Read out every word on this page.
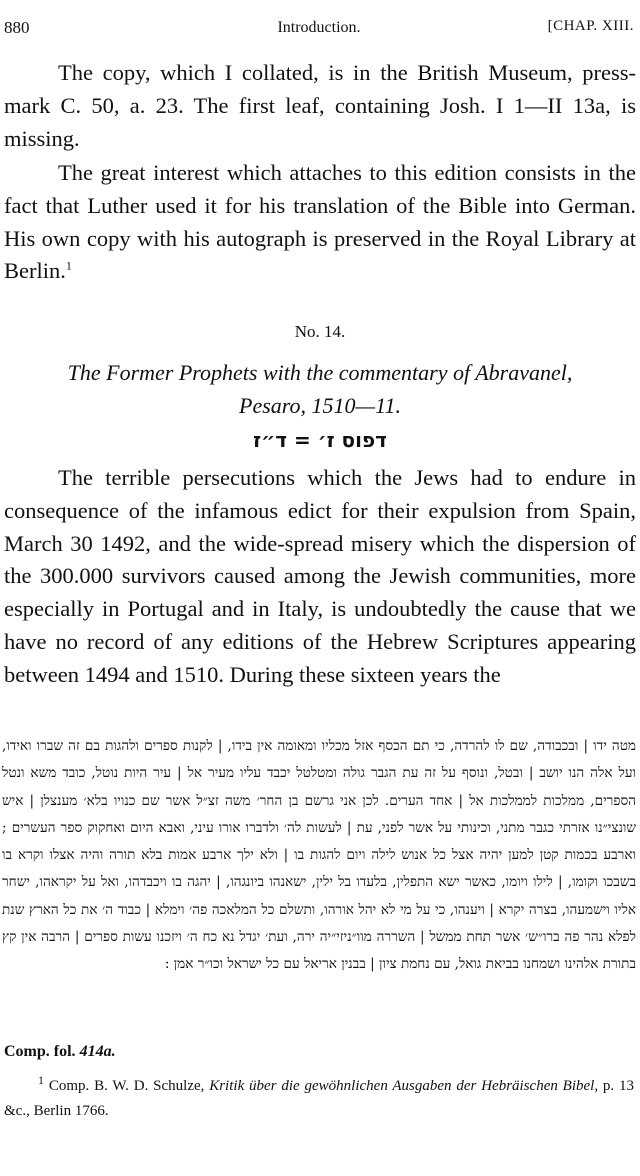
880	Introduction.	[CHAP. XIII.

The copy, which I collated, is in the British Museum, press-mark C. 50, a. 23. The first leaf, containing Josh. I 1—II 13a, is missing.

The great interest which attaches to this edition consists in the fact that Luther used it for his translation of the Bible into German. His own copy with his autograph is preserved in the Royal Library at Berlin.$^1$

No. 14.
The Former Prophets with the commentary of Abravanel,
Pesaro, 1510—11.
דפוס ז׳ = ד״ז

The terrible persecutions which the Jews had to endure in consequence of the infamous edict for their expulsion from Spain, March 30 1492, and the wide-spread misery which the dispersion of the 300.000 survivors caused among the Jewish communities, more especially in Portugal and in Italy, is undoubtedly the cause that we have no record of any editions of the Hebrew Scriptures appearing between 1494 and 1510. During these sixteen years the

מטה ידו | ובכבודה, שם לו להרדה, כי תם הכסף אזל מכליו ומאומה אין בידו, | לקנות ספרים ולהגות בם זה שברו ואידו, ועל אלה הנו יושב | ובטל, ונוסף על זה עת הגבר גולה ומטלטל יכבד עליו מעיר אל | עיר היות נוטל, כובד משא ונטל הספרים, ממלכות לממלכות אל | אחד הערים. לכן אני גרשם בן החר׳ משה זצ״ל אשר שם כנויו בלא׳ מענצלן | איש שונצי״נו אזרתי כגבר מתני, וכינותי על אשר לפני, עת | לעשות לה׳ ולדברו אורו עיני, ואבא היום ואחקוק ספר העשרים ; וארבע בכמות קטן למען יהיה אצל כל אנוש לילה ויום להגות בו | ולא ילך ארבע אמות בלא תורה והיה אצלו וקרא בו בשבכו וקומו, | לילו ויומו, כאשר ישא התפלין, בלעדו בל ילין, ישאנהו ביונגהו, | יהגה בו ויכבדהו, ואל על יקראהו, ישחר אליו וישמעהו, בצרה יקרא | ויענהו, כי על מי לא יהל אורהו, ותשלם כל המלאכה פה׳ וימלא | כבוד ה׳ את כל הארץ שנת לפלא נהר פה ברו״ש׳ אשר תחת ממשל | השררה מוו״ניזי״יה ירה, ועת׳ יגדל נא כח ה׳ ויזכנו עשות ספרים | הרבה אין קץ בתורת אלהינו ושמחנו בביאת גואל, עם נחמת ציון | בבנין אריאל עם כל ישראל וכו״ר אמן :
Comp. fol. 414a.
$^1$ Comp. B. W. D. Schulze, Kritik über die gewöhnlichen Ausgaben der Hebräischen Bibel, p. 13 &c., Berlin 1766.
